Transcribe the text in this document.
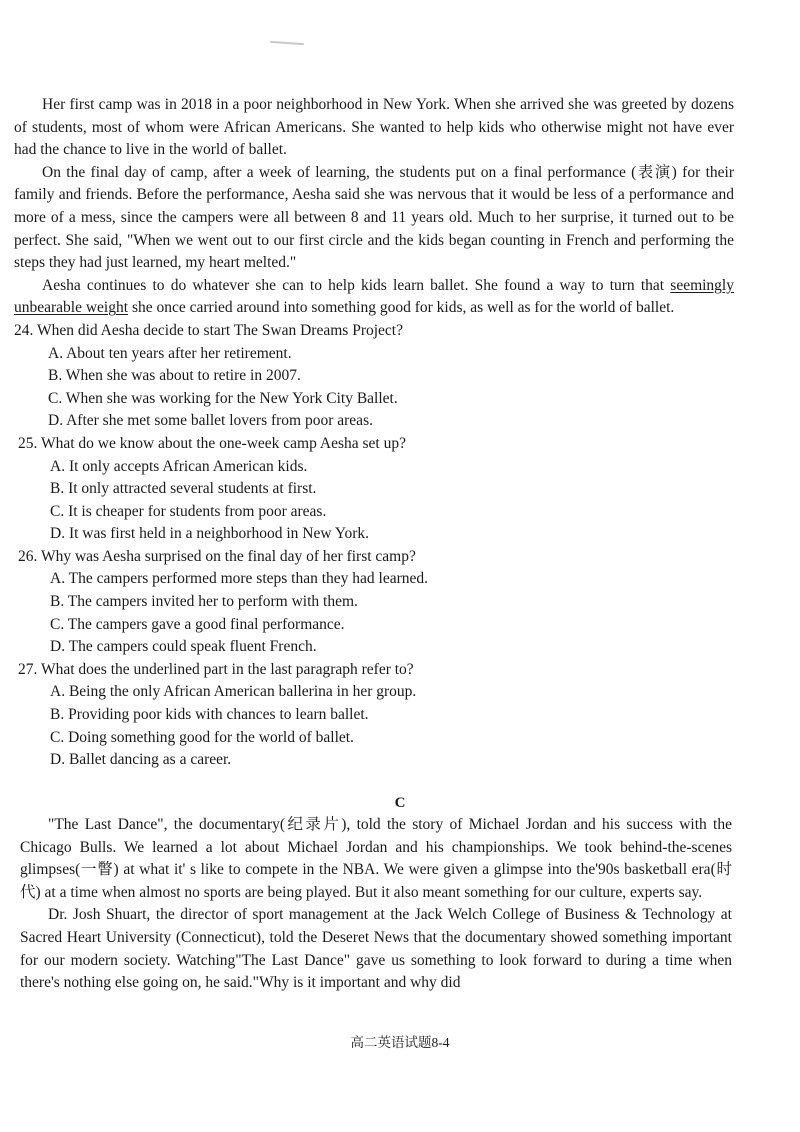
Her first camp was in 2018 in a poor neighborhood in New York. When she arrived she was greeted by dozens of students, most of whom were African Americans. She wanted to help kids who otherwise might not have ever had the chance to live in the world of ballet.

On the final day of camp, after a week of learning, the students put on a final performance (表演) for their family and friends. Before the performance, Aesha said she was nervous that it would be less of a performance and more of a mess, since the campers were all between 8 and 11 years old. Much to her surprise, it turned out to be perfect. She said, "When we went out to our first circle and the kids began counting in French and performing the steps they had just learned, my heart melted."

Aesha continues to do whatever she can to help kids learn ballet. She found a way to turn that seemingly unbearable weight she once carried around into something good for kids, as well as for the world of ballet.

24. When did Aesha decide to start The Swan Dreams Project?

A. About ten years after her retirement.

B. When she was about to retire in 2007.

C. When she was working for the New York City Ballet.

D. After she met some ballet lovers from poor areas.

25. What do we know about the one-week camp Aesha set up?

A. It only accepts African American kids.

B. It only attracted several students at first.

C. It is cheaper for students from poor areas.

D. It was first held in a neighborhood in New York.

26. Why was Aesha surprised on the final day of her first camp?

A. The campers performed more steps than they had learned.

B. The campers invited her to perform with them.

C. The campers gave a good final performance.

D. The campers could speak fluent French.

27. What does the underlined part in the last paragraph refer to?

A. Being the only African American ballerina in her group.

B. Providing poor kids with chances to learn ballet.

C. Doing something good for the world of ballet.

D. Ballet dancing as a career.

C

"The Last Dance", the documentary(纪录片), told the story of Michael Jordan and his success with the Chicago Bulls. We learned a lot about Michael Jordan and his championships. We took behind-the-scenes glimpses(一瞥) at what it' s like to compete in the NBA. We were given a glimpse into the'90s basketball era(时代) at a time when almost no sports are being played. But it also meant something for our culture, experts say.

Dr. Josh Shuart, the director of sport management at the Jack Welch College of Business & Technology at Sacred Heart University (Connecticut), told the Deseret News that the documentary showed something important for our modern society. Watching"The Last Dance" gave us something to look forward to during a time when there's nothing else going on, he said."Why is it important and why did

高二英语试题8-4
